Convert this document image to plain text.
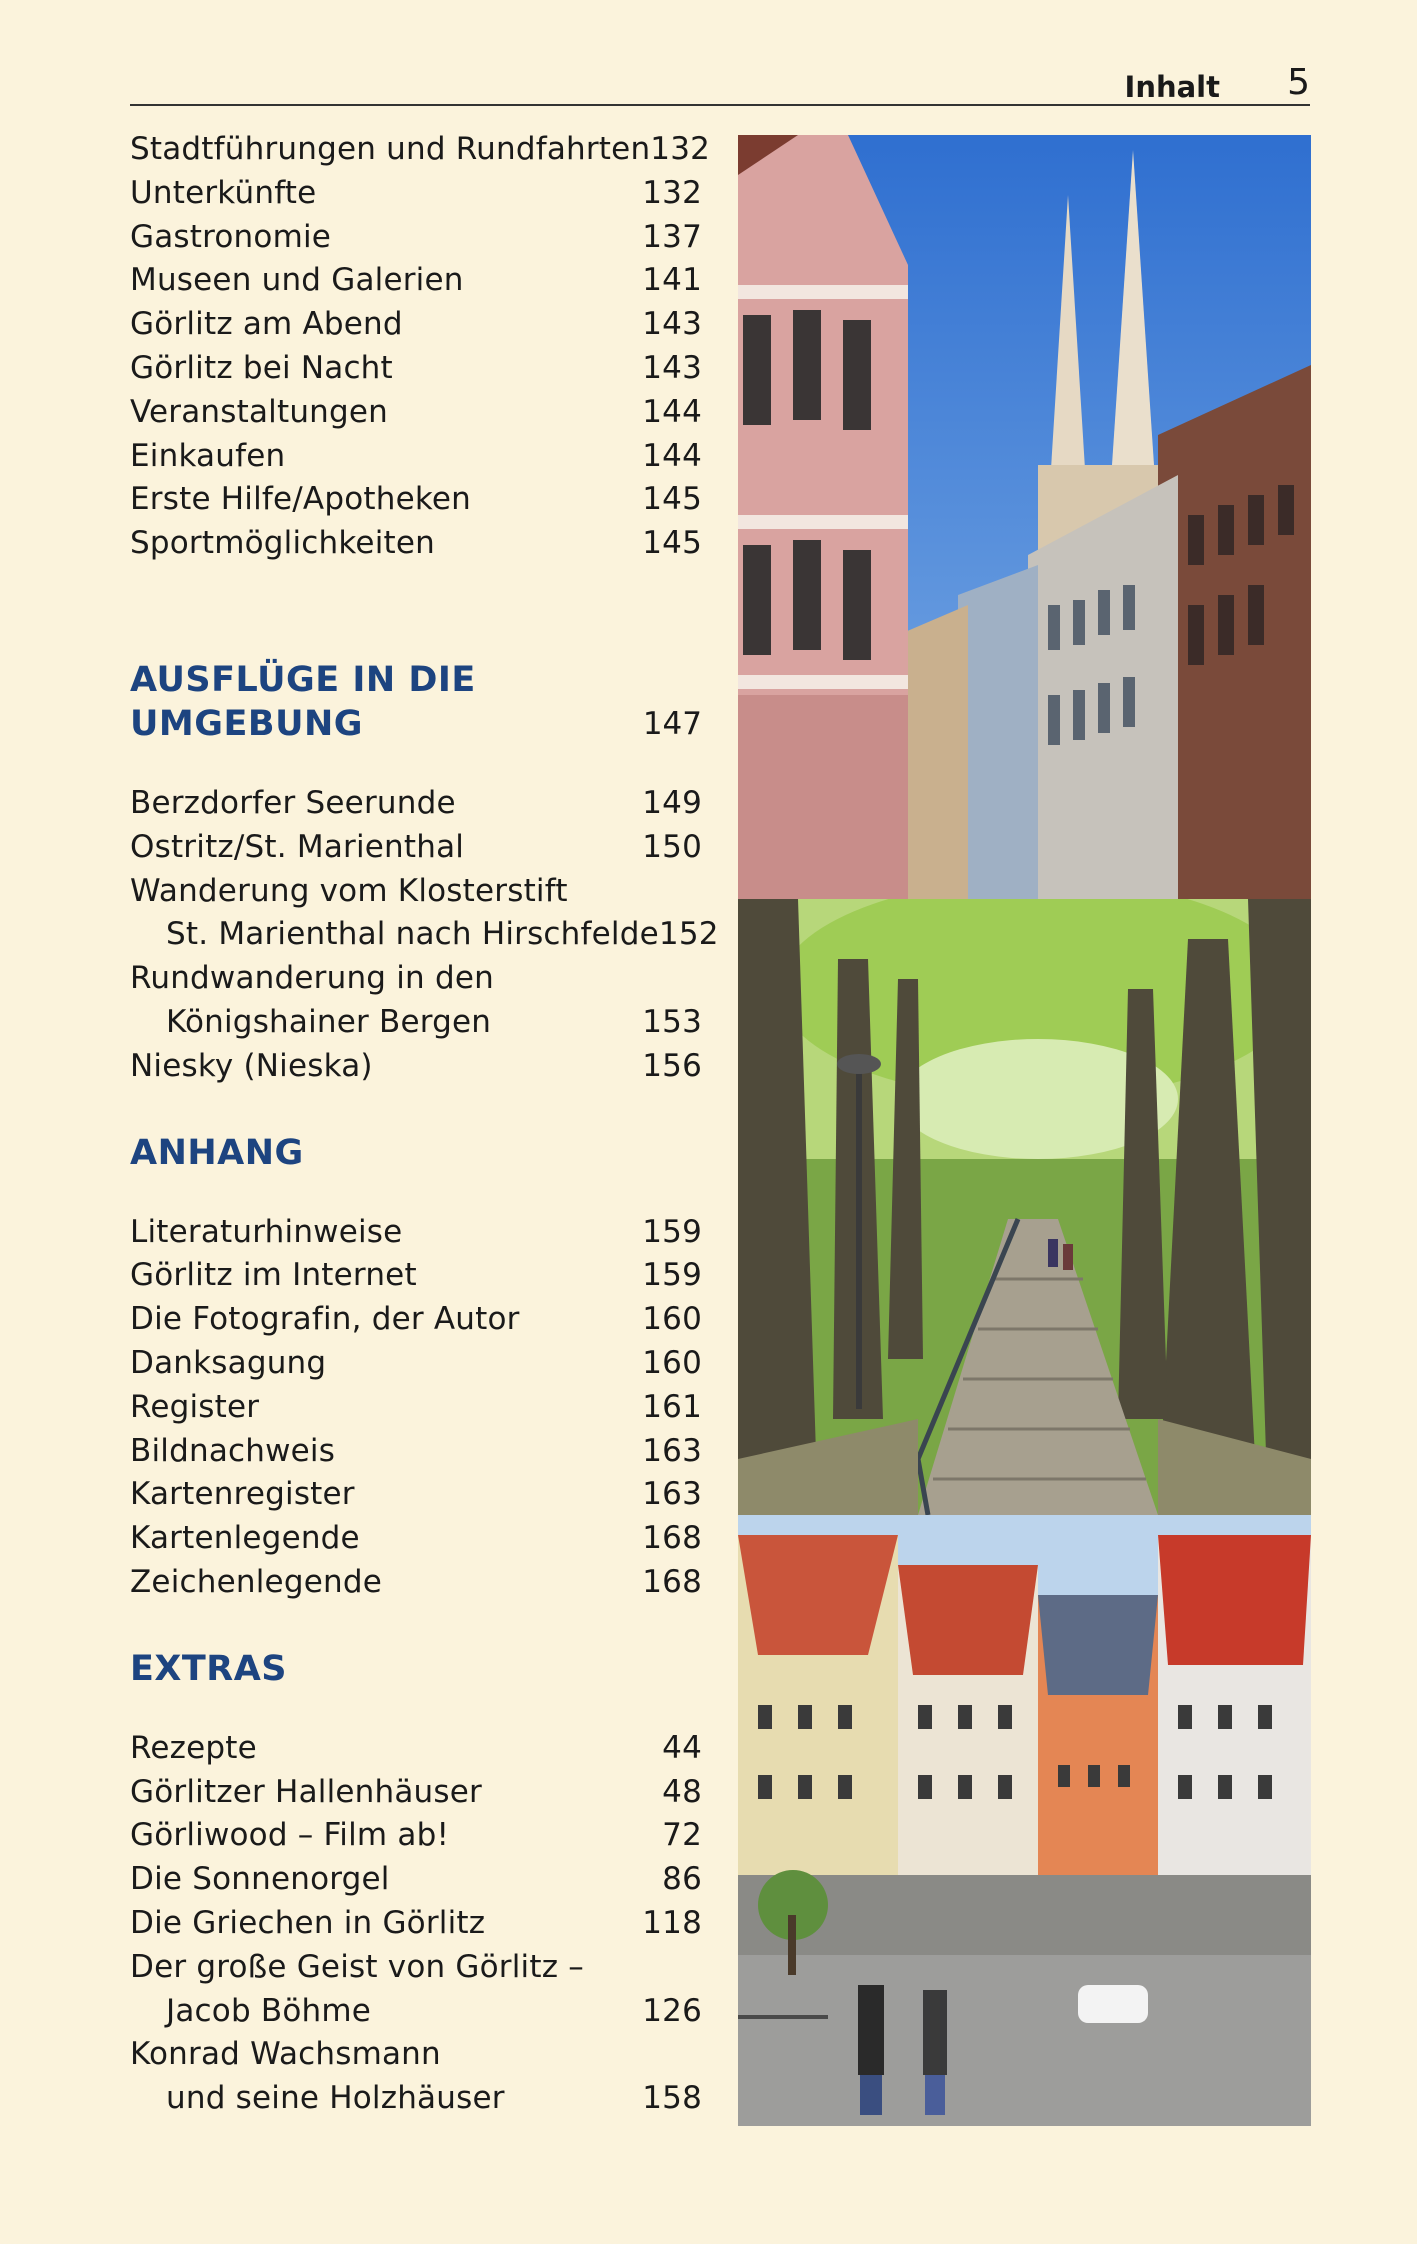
Inhalt 5
Stadtführungen und Rundfahrten 132
Unterkünfte	132
Gastronomie	137
Museen und Galerien	141
Görlitz am Abend	143
Görlitz bei Nacht	143
Veranstaltungen	144
Einkaufen	144
Erste Hilfe/Apotheken	145
Sportmöglichkeiten	145
AUSFLÜGE IN DIE
UMGEBUNG	147
Berzdorfer Seerunde	149
Ostritz/St. Marienthal	150
Wanderung vom Klosterstift
St. Marienthal nach Hirschfelde 152
Rundwanderung in den
Königshainer Bergen	153
Niesky (Nieska)	156
ANHANG
Literaturhinweise	159
Görlitz im Internet	159
Die Fotografin, der Autor	160
Danksagung	160
Register	161
Bildnachweis	163
Kartenregister	163
Kartenlegende	168
Zeichenlegende	168
EXTRAS
Rezepte	44
Görlitzer Hallenhäuser	48
Görliwood – Film ab!	72
Die Sonnenorgel	86
Die Griechen in Görlitz	118
Der große Geist von Görlitz –
Jacob Böhme	126
Konrad Wachsmann
und seine Holzhäuser	158
